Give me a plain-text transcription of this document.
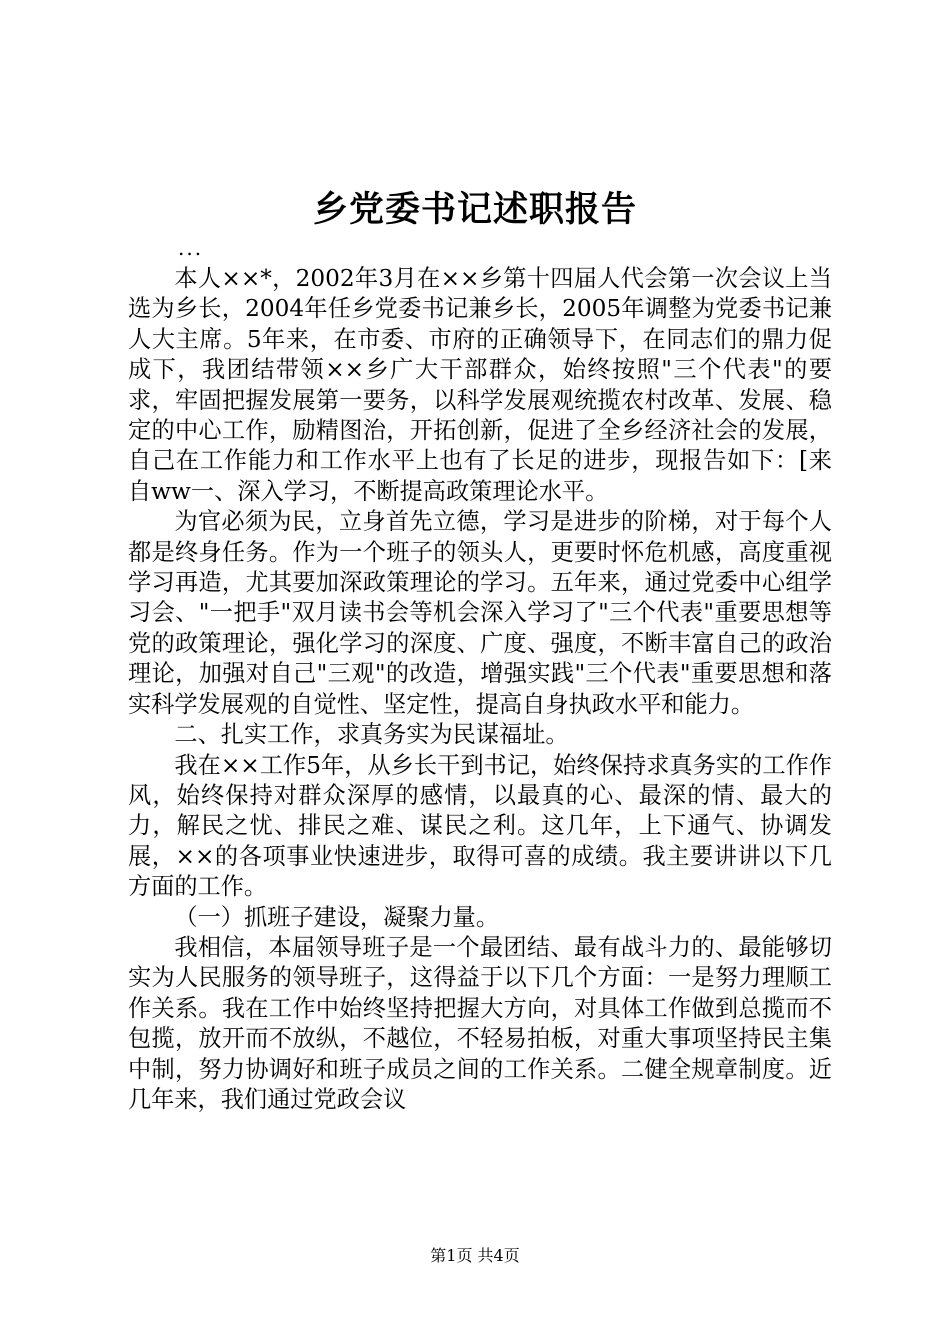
乡党委书记述职报告
...

本人××*，2002年3月在××乡第十四届人代会第一次会议上当选为乡长，2004年任乡党委书记兼乡长，2005年调整为党委书记兼人大主席。5年来，在市委、市府的正确领导下，在同志们的鼎力促成下，我团结带领××乡广大干部群众，始终按照"三个代表"的要求，牢固把握发展第一要务，以科学发展观统揽农村改革、发展、稳定的中心工作，励精图治，开拓创新，促进了全乡经济社会的发展，自己在工作能力和工作水平上也有了长足的进步，现报告如下：[来自ww一、深入学习，不断提高政策理论水平。

为官必须为民，立身首先立德，学习是进步的阶梯，对于每个人都是终身任务。作为一个班子的领头人，更要时怀危机感，高度重视学习再造，尤其要加深政策理论的学习。五年来，通过党委中心组学习会、"一把手"双月读书会等机会深入学习了"三个代表"重要思想等党的政策理论，强化学习的深度、广度、强度，不断丰富自己的政治理论，加强对自己"三观"的改造，增强实践"三个代表"重要思想和落实科学发展观的自觉性、坚定性，提高自身执政水平和能力。

二、扎实工作，求真务实为民谋福址。

我在××工作5年，从乡长干到书记，始终保持求真务实的工作作风，始终保持对群众深厚的感情，以最真的心、最深的情、最大的力，解民之忧、排民之难、谋民之利。这几年，上下通气、协调发展，××的各项事业快速进步，取得可喜的成绩。我主要讲讲以下几方面的工作。

（一）抓班子建设，凝聚力量。

我相信，本届领导班子是一个最团结、最有战斗力的、最能够切实为人民服务的领导班子，这得益于以下几个方面：一是努力理顺工作关系。我在工作中始终坚持把握大方向，对具体工作做到总揽而不包揽，放开而不放纵，不越位，不轻易拍板，对重大事项坚持民主集中制，努力协调好和班子成员之间的工作关系。二健全规章制度。近几年来，我们通过党政会议

第1页 共4页
